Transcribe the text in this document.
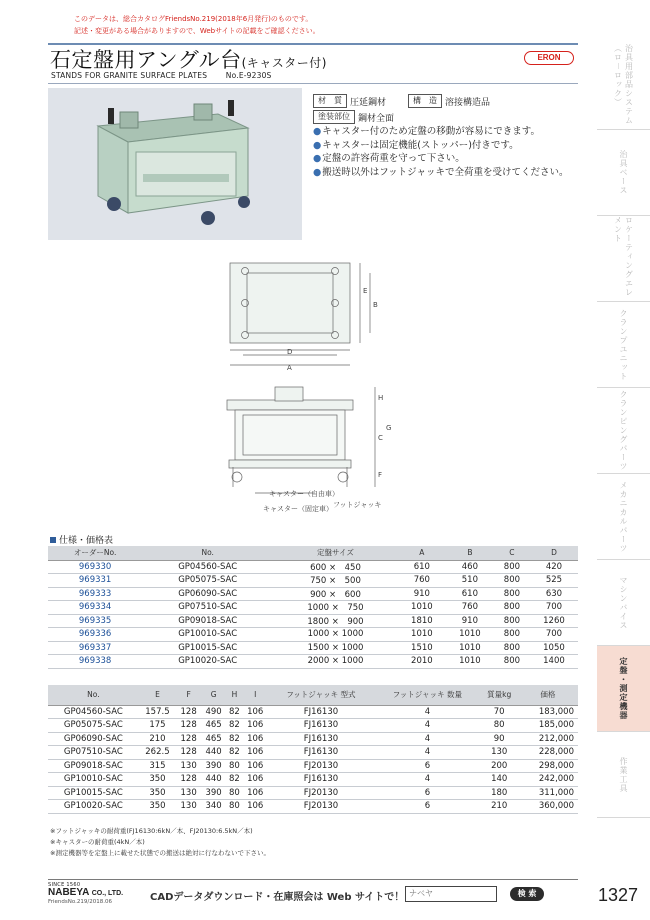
このデータは、総合カタログFriendsNo.219(2018年6月発行)のものです。
記述・変更がある場合がありますので、Webサイトの記載をご確認ください。
石定盤用アングル台(キャスター付)
STANDS FOR GRANITE SURFACE PLATES No.E-9230S
ERON
材　質 圧延鋼材	構　造 溶接構造品
塗装部位 鋼材全面
● キャスター付のため定盤の移動が容易にできます。
● キャスターは固定機能(ストッパー)付きです。
● 定盤の許容荷重を守って下さい。
● 搬送時以外はフットジャッキで全荷重を受けてください。
D
A
B
E
H
C
G
F
キャスター（自由車）
キャスター（固定車） フットジャッキ
仕様・価格表
オーダーNo.	No.	定盤サイズ	A	B	C	D
969330	GP04560-SAC	600 ×　450	610	460	800	420
969331	GP05075-SAC	750 ×　500	760	510	800	525
969333	GP06090-SAC	900 ×　600	910	610	800	630
969334	GP07510-SAC	1000 ×　750	1010	760	800	700
969335	GP09018-SAC	1800 ×　900	1810	910	800	1260
969336	GP10010-SAC	1000 × 1000	1010	1010	800	700
969337	GP10015-SAC	1500 × 1000	1510	1010	800	1050
969338	GP10020-SAC	2000 × 1000	2010	1010	800	1400
No.	E	F	G	H	I	フットジャッキ 型式	フットジャッキ 数量	質量kg	価格
GP04560-SAC	157.5	128	490	82	106	FJ16130	4	70	183,000
GP05075-SAC	175	128	465	82	106	FJ16130	4	80	185,000
GP06090-SAC	210	128	465	82	106	FJ16130	4	90	212,000
GP07510-SAC	262.5	128	440	82	106	FJ16130	4	130	228,000
GP09018-SAC	315	130	390	80	106	FJ20130	6	200	298,000
GP10010-SAC	350	128	440	82	106	FJ16130	4	140	242,000
GP10015-SAC	350	130	390	80	106	FJ20130	6	180	311,000
GP10020-SAC	350	130	340	80	106	FJ20130	6	210	360,000
※フットジャッキの耐荷重(FJ16130:6kN／本、FJ20130:6.5kN／本)
※キャスターの耐荷重(4kN／本)
※測定機器等を定盤上に載せた状態での搬送は絶対に行なわないで下さい。
SINCE 1560
NABEYA CO., LTD.
FriendsNo.219/2018.06	CADデータダウンロード・在庫照会は Web サイトで！ ナベヤ	検 索	1327
治具用部品システム（ロ－ロック）
治具ベース
ロケーティングエレメント
クランプユニット
クランピングパーツ
メカニカルパーツ
マシンバイス
定盤・測定機器
作業工具
